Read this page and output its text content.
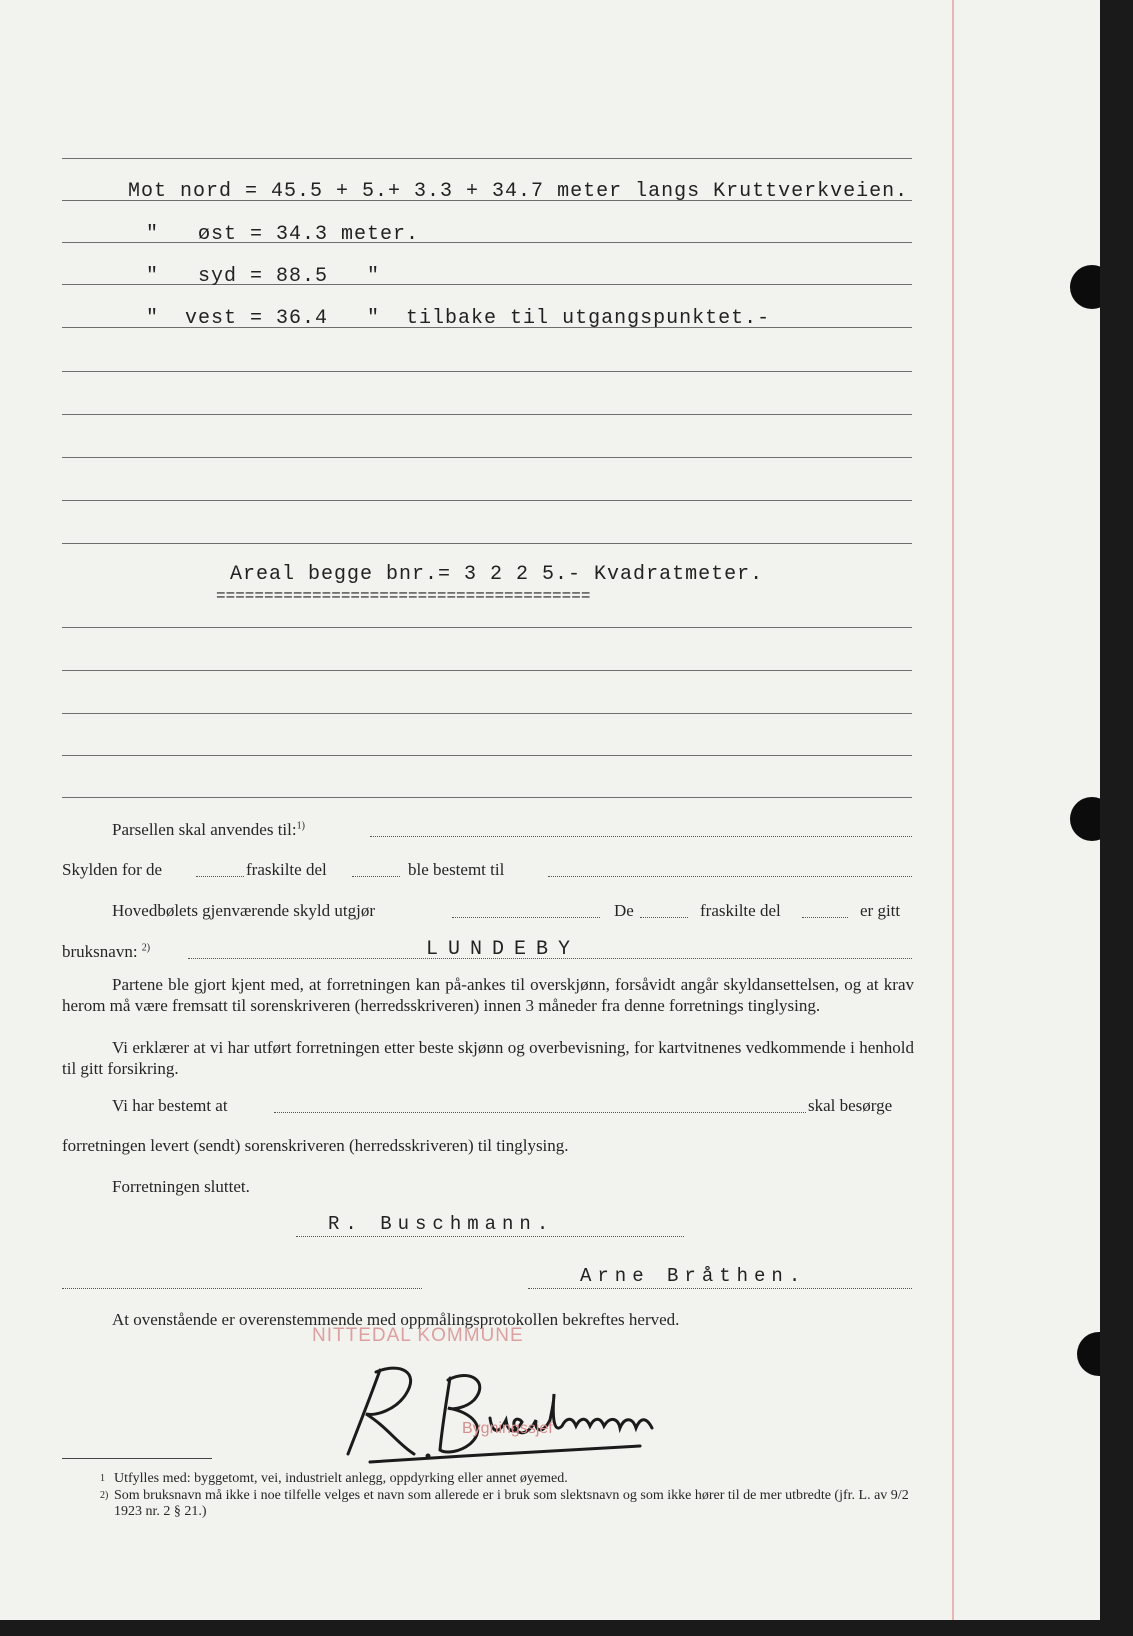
Mot nord = 45.5 + 5.+ 3.3 + 34.7 meter langs Kruttverkveien.
"   øst = 34.3 meter.
"   syd = 88.5   "
"  vest = 36.4   "  tilbake til utgangspunktet.-
Areal begge bnr.= 3 2 2 5.- Kvadratmeter.
=======================================
Parsellen skal anvendes til:$^{1)}$
Skylden for de	fraskilte del	ble bestemt til
Hovedbølets gjenværende skyld utgjør	De	fraskilte del	er gitt
bruksnavn: $^{2)}$	LUNDEBY
Partene ble gjort kjent med, at forretningen kan på-ankes til overskjønn, forsåvidt angår skyldansettelsen, og at krav herom må være fremsatt til sorenskriveren (herredsskriveren) innen 3 måneder fra denne forretnings tinglysing.
Vi erklærer at vi har utført forretningen etter beste skjønn og overbevisning, for kartvitnenes vedkommende i henhold til gitt forsikring.
Vi har bestemt at	skal besørge
forretningen levert (sendt) sorenskriveren (herredsskriveren) til tinglysing.
Forretningen sluttet.
R. Buschmann.
Arne Bråthen.
At ovenstående er overenstemmende med oppmålingsprotokollen bekreftes herved.
NITTEDAL KOMMUNE
Bygningssjef
1 Utfylles med: byggetomt, vei, industrielt anlegg, oppdyrking eller annet øyemed.
2) Som bruksnavn må ikke i noe tilfelle velges et navn som allerede er i bruk som slektsnavn og som ikke hører til de mer utbredte (jfr. L. av 9/2 1923 nr. 2 § 21.)
